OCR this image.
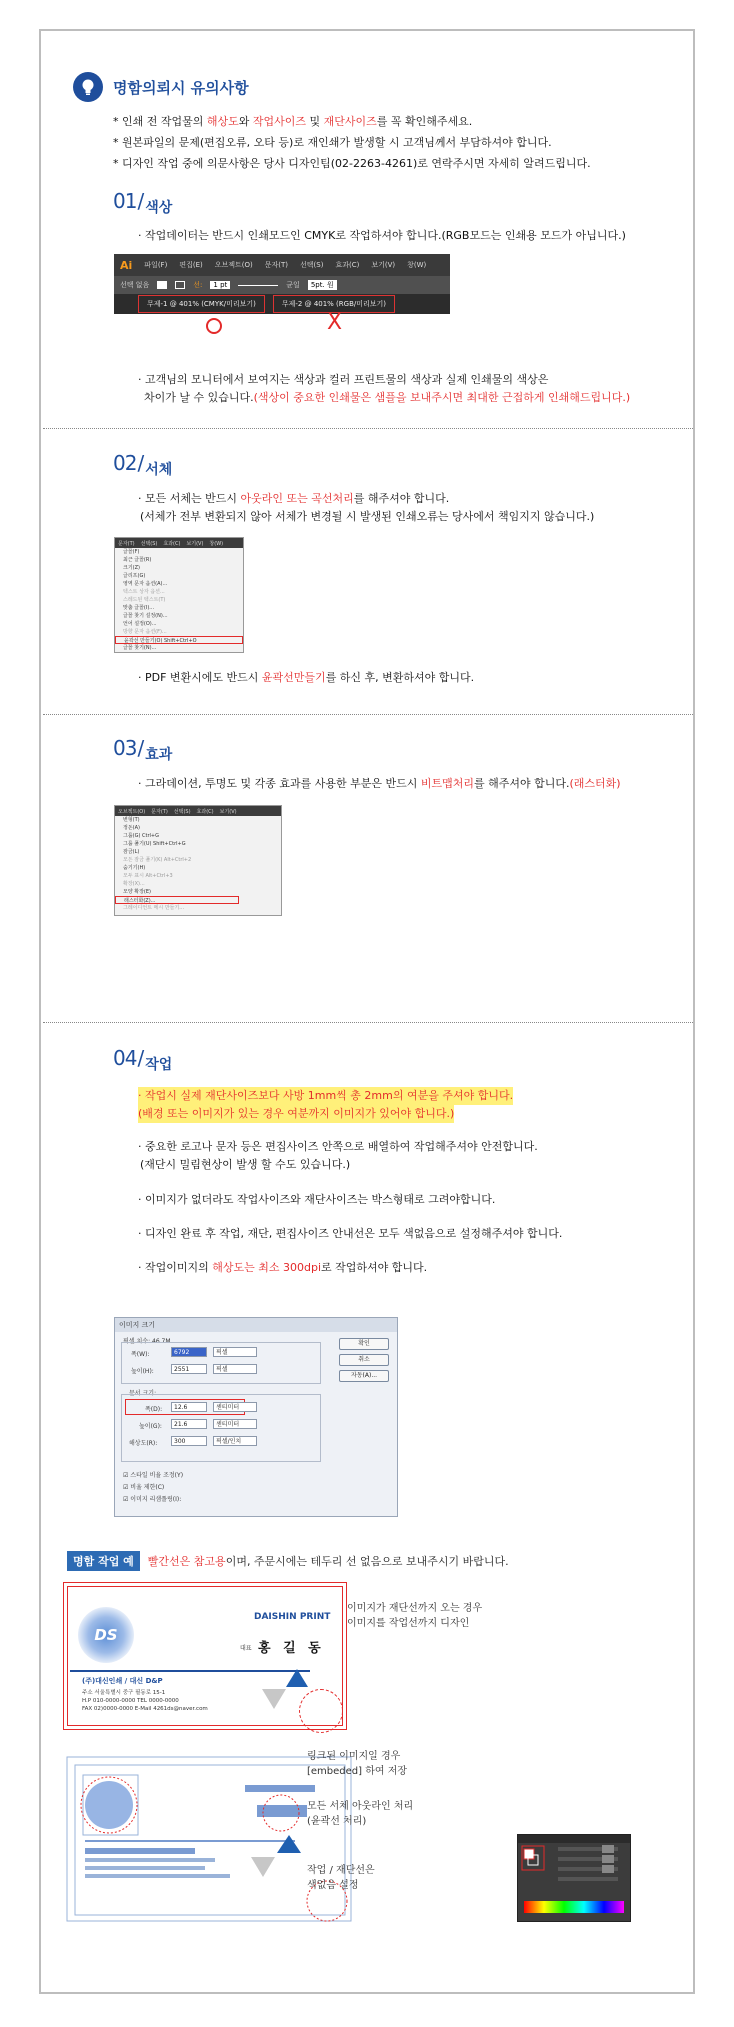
명함의뢰시 유의사항
* 인쇄 전 작업물의 해상도와 작업사이즈 및 재단사이즈를 꼭 확인해주세요.
* 원본파일의 문제(편집오류, 오타 등)로 재인쇄가 발생할 시 고객님께서 부담하셔야 합니다.
* 디자인 작업 중에 의문사항은 당사 디자인팀(02-2263-4261)로 연락주시면 자세히 알려드립니다.
01 / 색상
· 작업데이터는 반드시 인쇄모드인 CMYK로 작업하셔야 합니다.(RGB모드는 인쇄용 모드가 아닙니다.)
Ai 파일(F) 편집(E) 오브젝트(O) 문자(T) 선택(S) 효과(C) 보기(V) 창(W)
선택 없음	선:	1 pt	균일	5pt. 원
무제-1 @ 401% (CMYK/미리보기)	무제-2 @ 401% (RGB/미리보기)
X
· 고객님의 모니터에서 보여지는 색상과 컬러 프린트물의 색상과 실제 인쇄물의 색상은
차이가 날 수 있습니다.(색상이 중요한 인쇄물은 샘플을 보내주시면 최대한 근접하게 인쇄해드립니다.)
02 / 서체
· 모든 서체는 반드시 아웃라인 또는 곡선처리를 해주셔야 합니다.
(서체가 전부 변환되지 않아 서체가 변경될 시 발생된 인쇄오류는 당사에서 책임지지 않습니다.)
문자(T) 선택(S) 효과(C) 보기(V) 창(W)
글꼴(F)
최근 글꼴(R)
크기(Z)
글리프(G)
영역 문자 옵션(A)...
텍스트 상자 옵션...
스레드된 텍스트(T)
맞춤 글꼴(I)...
글꼴 찾기 설정(N)...
언어 설정(O)...
방향 문자 옵션(F)...
윤곽선 만들기(O) Shift+Ctrl+O
글꼴 찾기(N)...
· PDF 변환시에도 반드시 윤곽선만들기를 하신 후, 변환하셔야 합니다.
03 / 효과
· 그라데이션, 투명도 및 각종 효과를 사용한 부분은 반드시 비트맵처리를 해주셔야 합니다.(래스터화)
오브젝트(O) 문자(T) 선택(S) 효과(C) 보기(V)
변형(T)
정돈(A)
그룹(G) Ctrl+G
그룹 풀기(U) Shift+Ctrl+G
잠금(L)
모든 잠금 풀기(K) Alt+Ctrl+2
숨기기(H)
모두 표시 Alt+Ctrl+3
확장(X)...
모양 확장(E)
래스터화(Z)...
그레이디언트 메시 만들기...
04 / 작업
· 작업시 실제 재단사이즈보다 사방 1mm씩 총 2mm의 여분을 주셔야 합니다.
(배경 또는 이미지가 있는 경우 여분까지 이미지가 있어야 합니다.)
· 중요한 로고나 문자 등은 편집사이즈 안쪽으로 배열하여 작업해주셔야 안전합니다.
(재단시 밀림현상이 발생 할 수도 있습니다.)
· 이미지가 없더라도 작업사이즈와 재단사이즈는 박스형태로 그려야합니다.
· 디자인 완료 후 작업, 재단, 편집사이즈 안내선은 모두 색없음으로 설정해주셔야 합니다.
· 작업이미지의 해상도는 최소 300dpi로 작업하셔야 합니다.
이미지 크기
확인
취소
자동(A)...
픽셀 치수: 46.7M
폭(W):	6792	픽셀
높이(H):	2551	픽셀
문서 크기:
폭(D):	12.6	센티미터
높이(G):	21.6	센티미터
해상도(R):	300	픽셀/인치
☑ 스타일 비율 조정(Y)
☑ 비율 제한(C)
☑ 이미지 리샘플링(I):
명함 작업 예	빨간선은 참고용이며, 주문시에는 테두리 선 없음으로 보내주시기 바랍니다.
DS
DAISHIN PRINT
대표 홍 길 동
(주)대신인쇄 / 대신 D&P
주소 서울특별시 중구 필동로 15-1
H.P 010-0000-0000 TEL 0000-0000
FAX 02)0000-0000 E-Mail 4261ds@naver.com
이미지가 재단선까지 오는 경우
이미지를 작업선까지 디자인
링크된 이미지일 경우
[embeded] 하여 저장
모든 서체 아웃라인 처리
(윤곽선 처리)
작업 / 재단선은
색없음 설정
